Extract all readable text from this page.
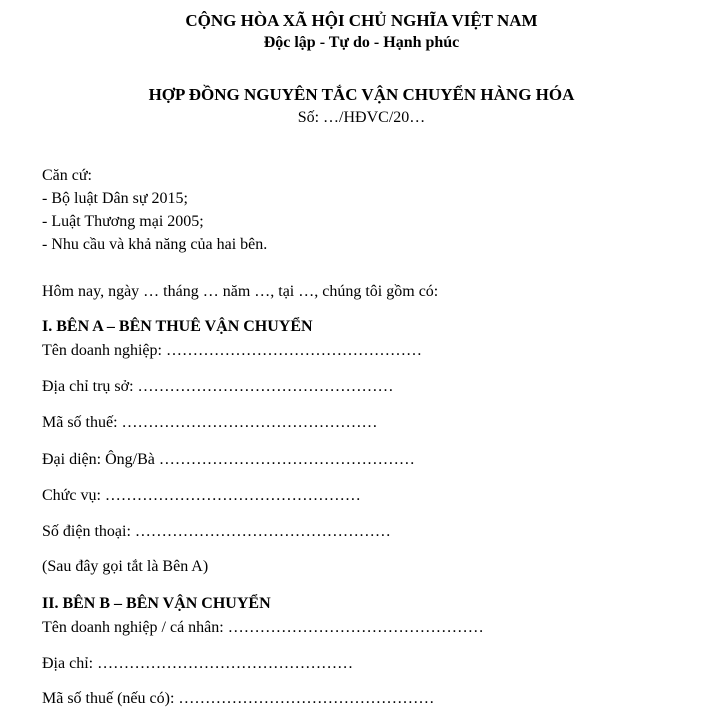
CỘNG HÒA XÃ HỘI CHỦ NGHĨA VIỆT NAM
Độc lập - Tự do - Hạnh phúc
HỢP ĐỒNG NGUYÊN TẮC VẬN CHUYỂN HÀNG HÓA
Số: …/HĐVC/20…
Căn cứ:
- Bộ luật Dân sự 2015;
- Luật Thương mại 2005;
- Nhu cầu và khả năng của hai bên.
Hôm nay, ngày … tháng … năm …, tại …, chúng tôi gồm có:
I. BÊN A – BÊN THUÊ VẬN CHUYỂN
Tên doanh nghiệp: …………………………………………
Địa chỉ trụ sở: …………………………………………
Mã số thuế: …………………………………………
Đại diện: Ông/Bà …………………………………………
Chức vụ: …………………………………………
Số điện thoại: …………………………………………
(Sau đây gọi tắt là Bên A)
II. BÊN B – BÊN VẬN CHUYỂN
Tên doanh nghiệp / cá nhân: …………………………………………
Địa chỉ: …………………………………………
Mã số thuế (nếu có): …………………………………………
